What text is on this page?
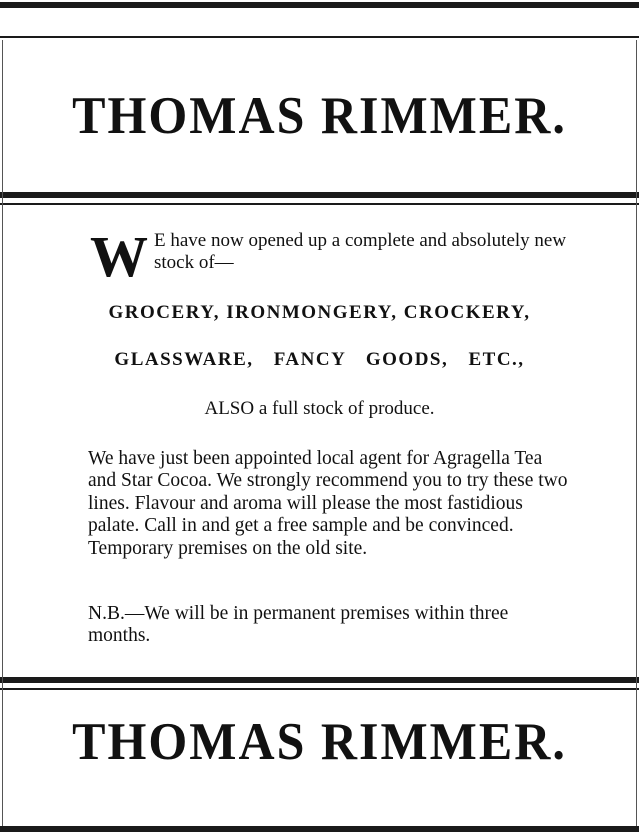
THOMAS RIMMER.
W E have now opened up a complete and absolutely new stock of—
GROCERY, IRONMONGERY, CROCKERY,
GLASSWARE, FANCY GOODS, ETC.,
ALSO a full stock of produce.
We have just been appointed local agent for Agragella Tea and Star Cocoa. We strongly recommend you to try these two lines. Flavour and aroma will please the most fastidious palate. Call in and get a free sample and be convinced. Temporary premises on the old site.
N.B.—We will be in permanent premises within three months.
THOMAS RIMMER.
